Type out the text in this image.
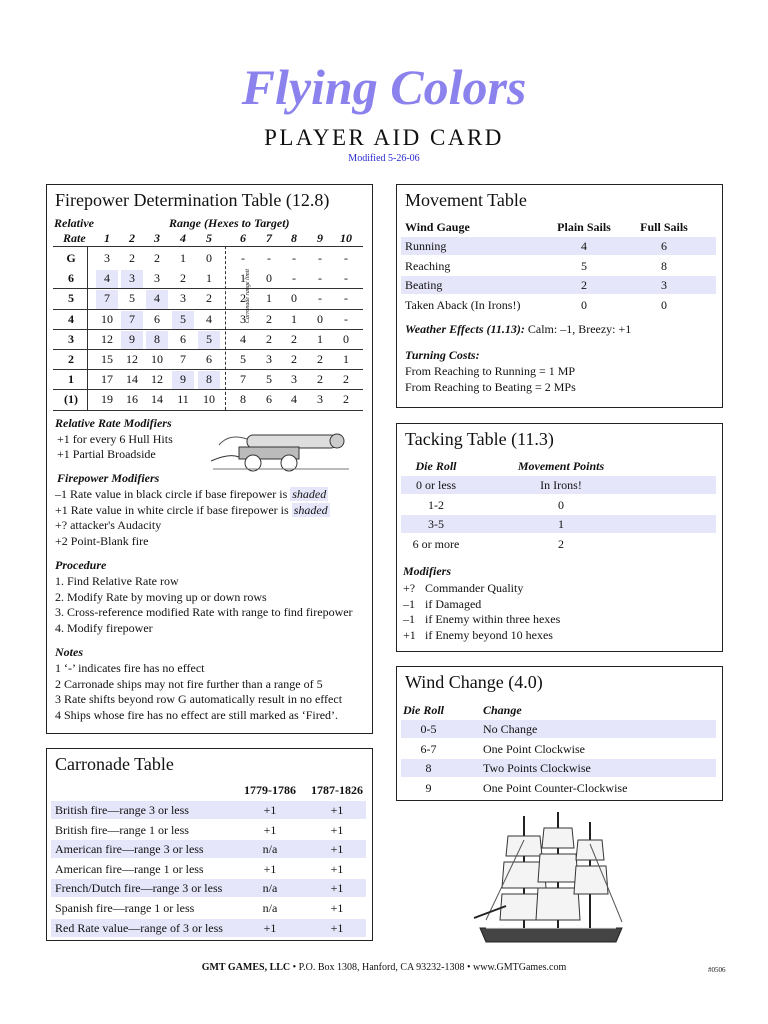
Flying Colors
PLAYER AID CARD
Modified 5-26-06
Firepower Determination Table (12.8)
Relative
Rate
Range (Hexes to Target)
1	2	3	4	5	6	7	8	9	10
Carronade range limit
G	3	2	2	1	0	-	-	-	-	-
6	4	3	3	2	1	1	0	-	-	-
5	7	5	4	3	2	2	1	0	-	-
4	10	7	6	5	4	3	2	1	0	-
3	12	9	8	6	5	4	2	2	1	0
2	15	12	10	7	6	5	3	2	2	1
1	17	14	12	9	8	7	5	3	2	2
(1)	19	16	14	11	10	8	6	4	3	2
Relative Rate Modifiers
+1 for every 6 Hull Hits
+1 Partial Broadside
Firepower Modifiers
–1 Rate value in black circle if base firepower is shaded
+1 Rate value in white circle if base firepower is shaded
+? attacker's Audacity
+2 Point-Blank fire
Procedure
1. Find Relative Rate row
2. Modify Rate by moving up or down rows
3. Cross-reference modified Rate with range to find firepower
4. Modify firepower
Notes
1 ‘-’ indicates fire has no effect
2 Carronade ships may not fire further than a range of 5
3 Rate shifts beyond row G automatically result in no effect
4 Ships whose fire has no effect are still marked as ‘Fired’.
Carronade Table
1779-1786	1787-1826
British fire—range 3 or less	+1	+1
British fire—range 1 or less	+1	+1
American fire—range 3 or less	n/a	+1
American fire—range 1 or less	+1	+1
French/Dutch fire—range 3 or less	n/a	+1
Spanish fire—range 1 or less	n/a	+1
Red Rate value—range of 3 or less	+1	+1
Movement Table
Wind Gauge	Plain Sails	Full Sails
Running	4	6
Reaching	5	8
Beating	2	3
Taken Aback (In Irons!)	0	0
Weather Effects (11.13): Calm: –1, Breezy: +1
Turning Costs:
From Reaching to Running = 1 MP
From Reaching to Beating = 2 MPs
Tacking Table (11.3)
Die Roll	Movement Points
0 or less	In Irons!
1-2	0
3-5	1
6 or more	2
Modifiers
+? Commander Quality
–1 if Damaged
–1 if Enemy within three hexes
+1 if Enemy beyond 10 hexes
Wind Change (4.0)
Die Roll	Change
0-5	No Change
6-7	One Point Clockwise
8	Two Points Clockwise
9	One Point Counter-Clockwise
GMT GAMES, LLC • P.O. Box 1308, Hanford, CA 93232-1308 • www.GMTGames.com	#0506
